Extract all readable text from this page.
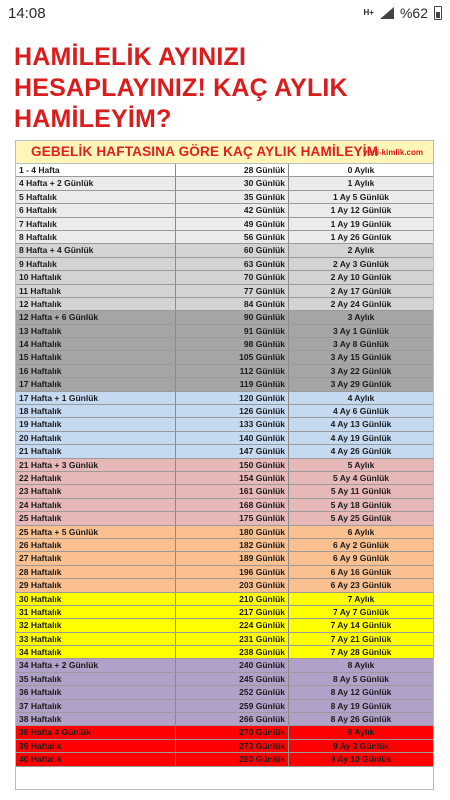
14:08	H+ %62
HAMİLELİK AYINIZI
HESAPLAYINIZ! KAÇ AYLIK
HAMİLEYİM?
GEBELİK HAFTASINA GÖRE KAÇ AYLIK HAMİLEYİM
yeni-kimlik.com
1 - 4 Hafta	28 Günlük	0 Aylık
4 Hafta + 2 Günlük	30 Günlük	1 Aylık
5 Haftalık	35 Günlük	1 Ay 5 Günlük
6 Haftalık	42 Günlük	1 Ay 12 Günlük
7 Haftalık	49 Günlük	1 Ay 19 Günlük
8 Haftalık	56 Günlük	1 Ay 26 Günlük
8 Hafta + 4 Günlük	60 Günlük	2 Aylık
9 Haftalık	63 Günlük	2 Ay 3 Günlük
10 Haftalık	70 Günlük	2 Ay 10 Günlük
11 Haftalık	77 Günlük	2 Ay 17 Günlük
12 Haftalık	84 Günlük	2 Ay 24 Günlük
12 Hafta + 6 Günlük	90 Günlük	3 Aylık
13 Haftalık	91 Günlük	3 Ay 1 Günlük
14 Haftalık	98 Günlük	3 Ay 8 Günlük
15 Haftalık	105 Günlük	3 Ay 15 Günlük
16 Haftalık	112 Günlük	3 Ay 22 Günlük
17 Haftalık	119 Günlük	3 Ay 29 Günlük
17 Hafta + 1 Günlük	120 Günlük	4 Aylık
18 Haftalık	126 Günlük	4 Ay 6 Günlük
19 Haftalık	133 Günlük	4 Ay 13 Günlük
20 Haftalık	140 Günlük	4 Ay 19 Günlük
21 Haftalık	147 Günlük	4 Ay 26 Günlük
21 Hafta + 3 Günlük	150 Günlük	5 Aylık
22 Haftalık	154 Günlük	5 Ay 4 Günlük
23 Haftalık	161 Günlük	5 Ay 11 Günlük
24 Haftalık	168 Günlük	5 Ay 18 Günlük
25 Haftalık	175 Günlük	5 Ay 25 Günlük
25 Hafta + 5 Günlük	180 Günlük	6 Aylık
26 Haftalık	182 Günlük	6 Ay 2 Günlük
27 Haftalık	189 Günlük	6 Ay 9 Günlük
28 Haftalık	196 Günlük	6 Ay 16 Günlük
29 Haftalık	203 Günlük	6 Ay 23 Günlük
30 Haftalık	210 Günlük	7 Aylık
31 Haftalık	217 Günlük	7 Ay 7 Günlük
32 Haftalık	224 Günlük	7 Ay 14 Günlük
33 Haftalık	231 Günlük	7 Ay 21 Günlük
34 Haftalık	238 Günlük	7 Ay 28 Günlük
34 Hafta + 2 Günlük	240 Günlük	8 Aylık
35 Haftalık	245 Günlük	8 Ay 5 Günlük
36 Haftalık	252 Günlük	8 Ay 12 Günlük
37 Haftalık	259 Günlük	8 Ay 19 Günlük
38 Haftalık	266 Günlük	8 Ay 26 Günlük
38 Hafta 4 Günlük	270 Günlük	9 Aylık
39 Haftalık	273 Günlük	9 Ay 3 Günlük
40 Haftalık	280 Günlük	9 Ay 10 Günlük
